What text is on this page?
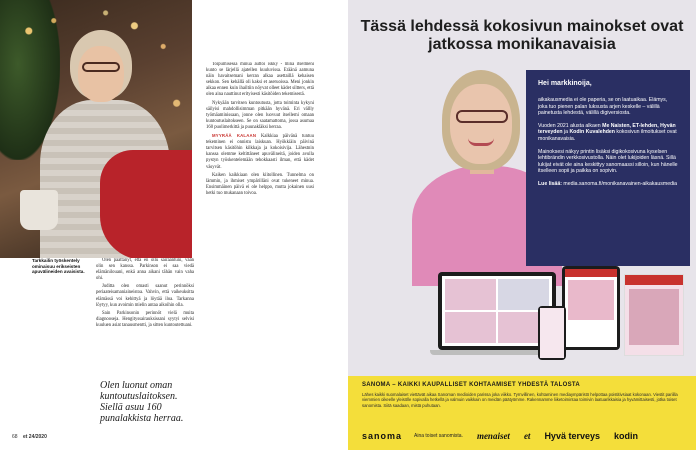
Tarkkailin työskentely ominaisuu erikseisten apuvälineiden avaisista.

Olen päättänyt, että en ollu sairaantuni, vaan olin sen kanssa. Parkinson ei saa viedä elämänilouani, enkä anna aikani tähän vain vaha ohi.

Juditta olen omasti saanut perinnöksi periaateisamaniaineistoa. Vahvin, että vaikeuksitta elämässä voi kehittyä ja löytää iloa. Tarkanna löytyy, kun avoimin mielin antaa aikoihin olla.

Sain Parkinsonin perinnöt vielä muita diagnooseja. Hengityssairauksissani syytyi selvisi kuuluen asiat tanausmentti, ja sitten kuntoutettuani.

Toipumisessa minua auttoi iskky - minä itselmeni kunto se lärjellä ajatellen kuuluvissa. Eräänä aamuna näin havaitsemani kerran alkaa asettaillä kehaisen sekkon. Sen kehällä oli kaksi et aseruoissa. Meni jonkin aikaa ennen kuin ihailtiin nöyvat olleet kädet siltters, että olen aina nauttinut erityisesti käsitöiden tekemisestä.

Nykyään tarvitsen kuntoutusta, jotta toiminta kykyni säilyisi mahdollisimman pitkään hyvänä. Eri vällly työmäaminissaan, jonne olen luovuut itsellemi omaan kuntoutuslaitokseen. Se on saatamattoma, jossa asumaa 160 puolimerkittä ja puunakläksi herraa.

MYYRÄÄ KALAAN Kalkkiaa päivänä tuntuu tekeminen ei onnistu laiskuan. Hyökkiäin päivinä tarvitsen käsitöhin kilkkaja ja kokoisivija. Lähestnin kanssa olemme keltittäneet apuvälineitä, joiden avulla pystyn työskentelemään tehokkaasti ilman, että kädet väsyvät.

Kaiken kaikkiaan olen kiitollinen. Tunnelma on lämmin, ja ihmiset ympärilläni ovat tukeneet minua. Ensimmäinen päivä ei ole helppo, mutta jokainen uusi hetki tuo mukanaan toivoa.

Olen luonut oman kuntoutuslaitoksen. Siellä asuu 160 punalakkista herraa.
68 et 24/2020
Tässä lehdessä kokosivun mainokset ovat jatkossa monikanavaisia
Hei markkinoija,

aikakausmedia ei ole paperia, se on laatuaikaa. Elämys, joka tuo pienen palan luksusta arjen keskelle – välillä painetusta lehdestä, välillä digiversiosta.

Vuoden 2021 alusta alkaen Me Naisten, ET-lehden, Hyvän terveyden ja Kodin Kuvalehden kokosivun ilmoitukset ovat monikanavaisia.

Mainoksesi näkyy printin lisäksi digikokosivuna kyselsen lehtibrändin verkkosivustolla. Näin olet lukijoiden läsnä. Sillä lukijat eivät ole aina keskittyy sanomaassi silloin, kun hänelle itselleen sopii ja paikka on sopivin.

Lue lisää: media.sanoma.fi/monikanavainen-aikakausmedia

SANOMA – KAIKKI KAUPALLISET KOHTAAMISET YHDESTÄ TALOSTA

Lähes kaikki suomalaiset viettävät aikaa Sanoman medioiden parissa joka viikko. Tyrnvillinen, kohtaminen mediaympäristö helpottaa poistitivsiaat kokonaan. Viestit pariilla viemmien oikeelle yleisölle sopivalla hetkellä ja valmuin vaikkain on meidän päätyömme. Rakennamme liiketoimintaa toimivin laatuarikkaisia ja hyvämittaisesti, jotka toiset sanomista. Siitä saadaan, mistä puhutaan.

sanoma Aina toiset sanomista. menaiset et Hyvä terveys kodin
